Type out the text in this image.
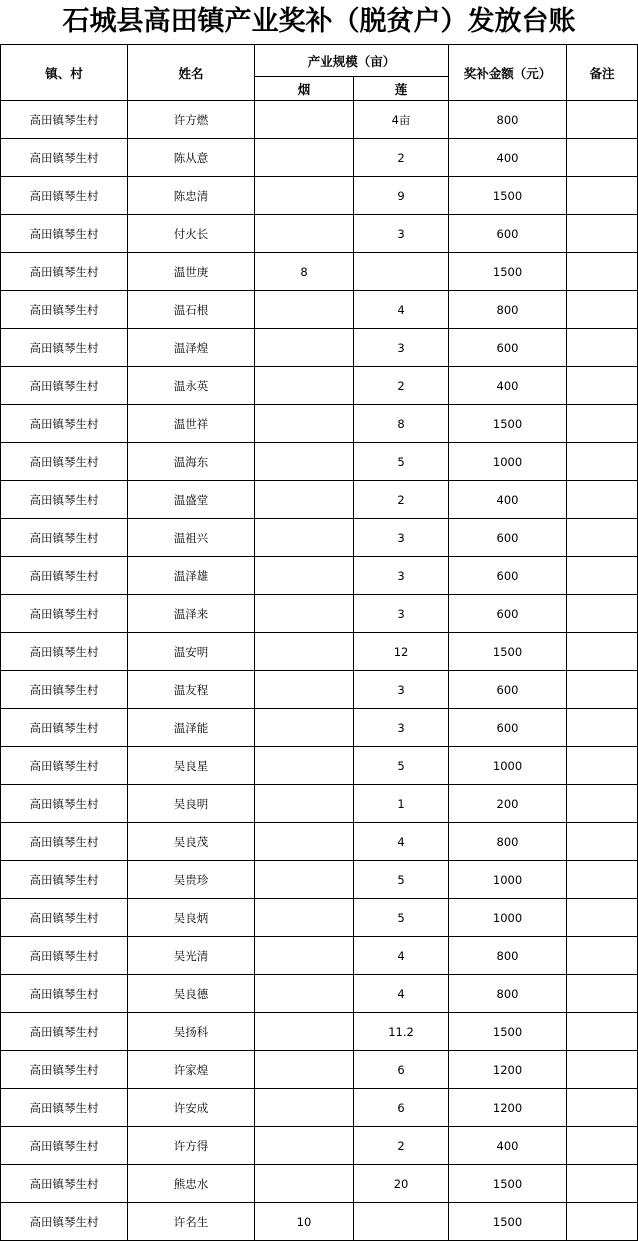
石城县高田镇产业奖补（脱贫户）发放台账
镇、村	姓名	产业规模（亩）		奖补金额（元）	备注
		烟	莲		
高田镇琴生村	许方燃		4亩	800	
高田镇琴生村	陈从意		2	400	
高田镇琴生村	陈忠清		9	1500	
高田镇琴生村	付火长		3	600	
高田镇琴生村	温世庚	8		1500	
高田镇琴生村	温石根		4	800	
高田镇琴生村	温泽煌		3	600	
高田镇琴生村	温永英		2	400	
高田镇琴生村	温世祥		8	1500	
高田镇琴生村	温海东		5	1000	
高田镇琴生村	温盛堂		2	400	
高田镇琴生村	温祖兴		3	600	
高田镇琴生村	温泽雄		3	600	
高田镇琴生村	温泽来		3	600	
高田镇琴生村	温安明		12	1500	
高田镇琴生村	温友程		3	600	
高田镇琴生村	温泽能		3	600	
高田镇琴生村	吴良星		5	1000	
高田镇琴生村	吴良明		1	200	
高田镇琴生村	吴良茂		4	800	
高田镇琴生村	吴贵珍		5	1000	
高田镇琴生村	吴良炳		5	1000	
高田镇琴生村	吴光清		4	800	
高田镇琴生村	吴良德		4	800	
高田镇琴生村	吴扬科		11.2	1500	
高田镇琴生村	许家煌		6	1200	
高田镇琴生村	许安成		6	1200	
高田镇琴生村	许方得		2	400	
高田镇琴生村	熊忠水		20	1500	
高田镇琴生村	许名生	10		1500	
